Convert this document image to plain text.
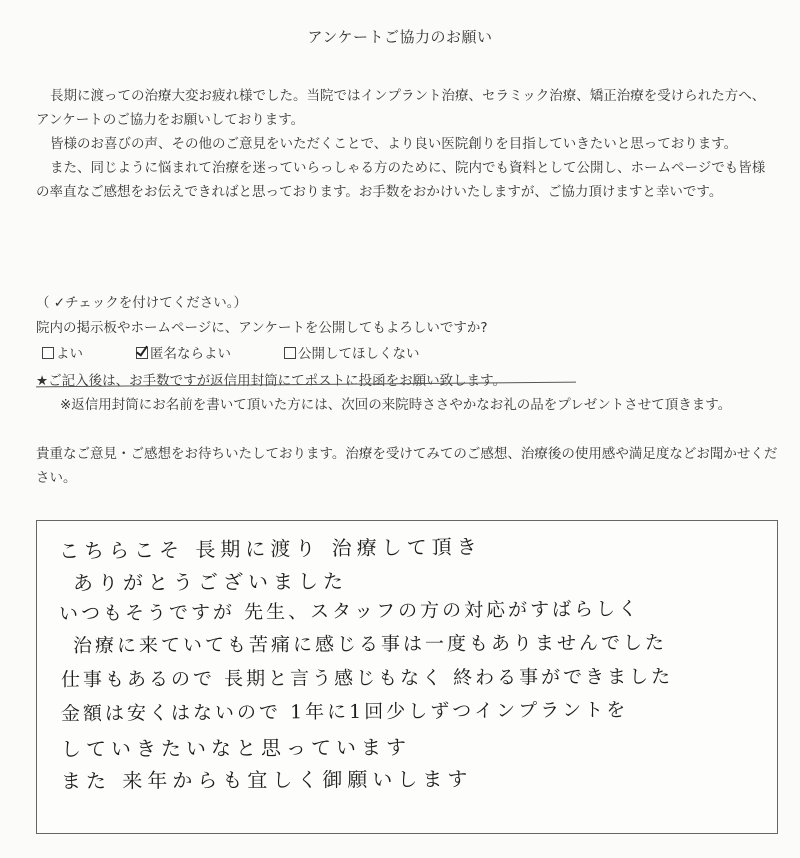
アンケートご協力のお願い

長期に渡っての治療大変お疲れ様でした。当院ではインプラント治療、セラミック治療、矯正治療を受けられた方へ、アンケートのご協力をお願いしております。

皆様のお喜びの声、その他のご意見をいただくことで、より良い医院創りを目指していきたいと思っております。

また、同じように悩まれて治療を迷っていらっしゃる方のために、院内でも資料として公開し、ホームページでも皆様の率直なご感想をお伝えできればと思っております。お手数をおかけいたしますが、ご協力頂けますと幸いです。

（ ✓チェックを付けてください。）
院内の掲示板やホームページに、アンケートを公開してもよろしいですか?
よい	匿名ならよい	公開してほしくない
★ご記入後は、お手数ですが返信用封筒にてポストに投函をお願い致します。

※返信用封筒にお名前を書いて頂いた方には、次回の来院時ささやかなお礼の品をプレゼントさせて頂きます。

貴重なご意見・ご感想をお待ちいたしております。治療を受けてみてのご感想、治療後の使用感や満足度などお聞かせください。

こちらこそ 長期に渡り 治療して頂き
ありがとうございました
いつもそうですが 先生、スタッフの方の対応がすばらしく
治療に来ていても苦痛に感じる事は一度もありませんでした
仕事もあるので 長期と言う感じもなく 終わる事ができました
金額は安くはないので 1年に1回少しずつインプラントを
していきたいなと思っています
また 来年からも宜しく御願いします
